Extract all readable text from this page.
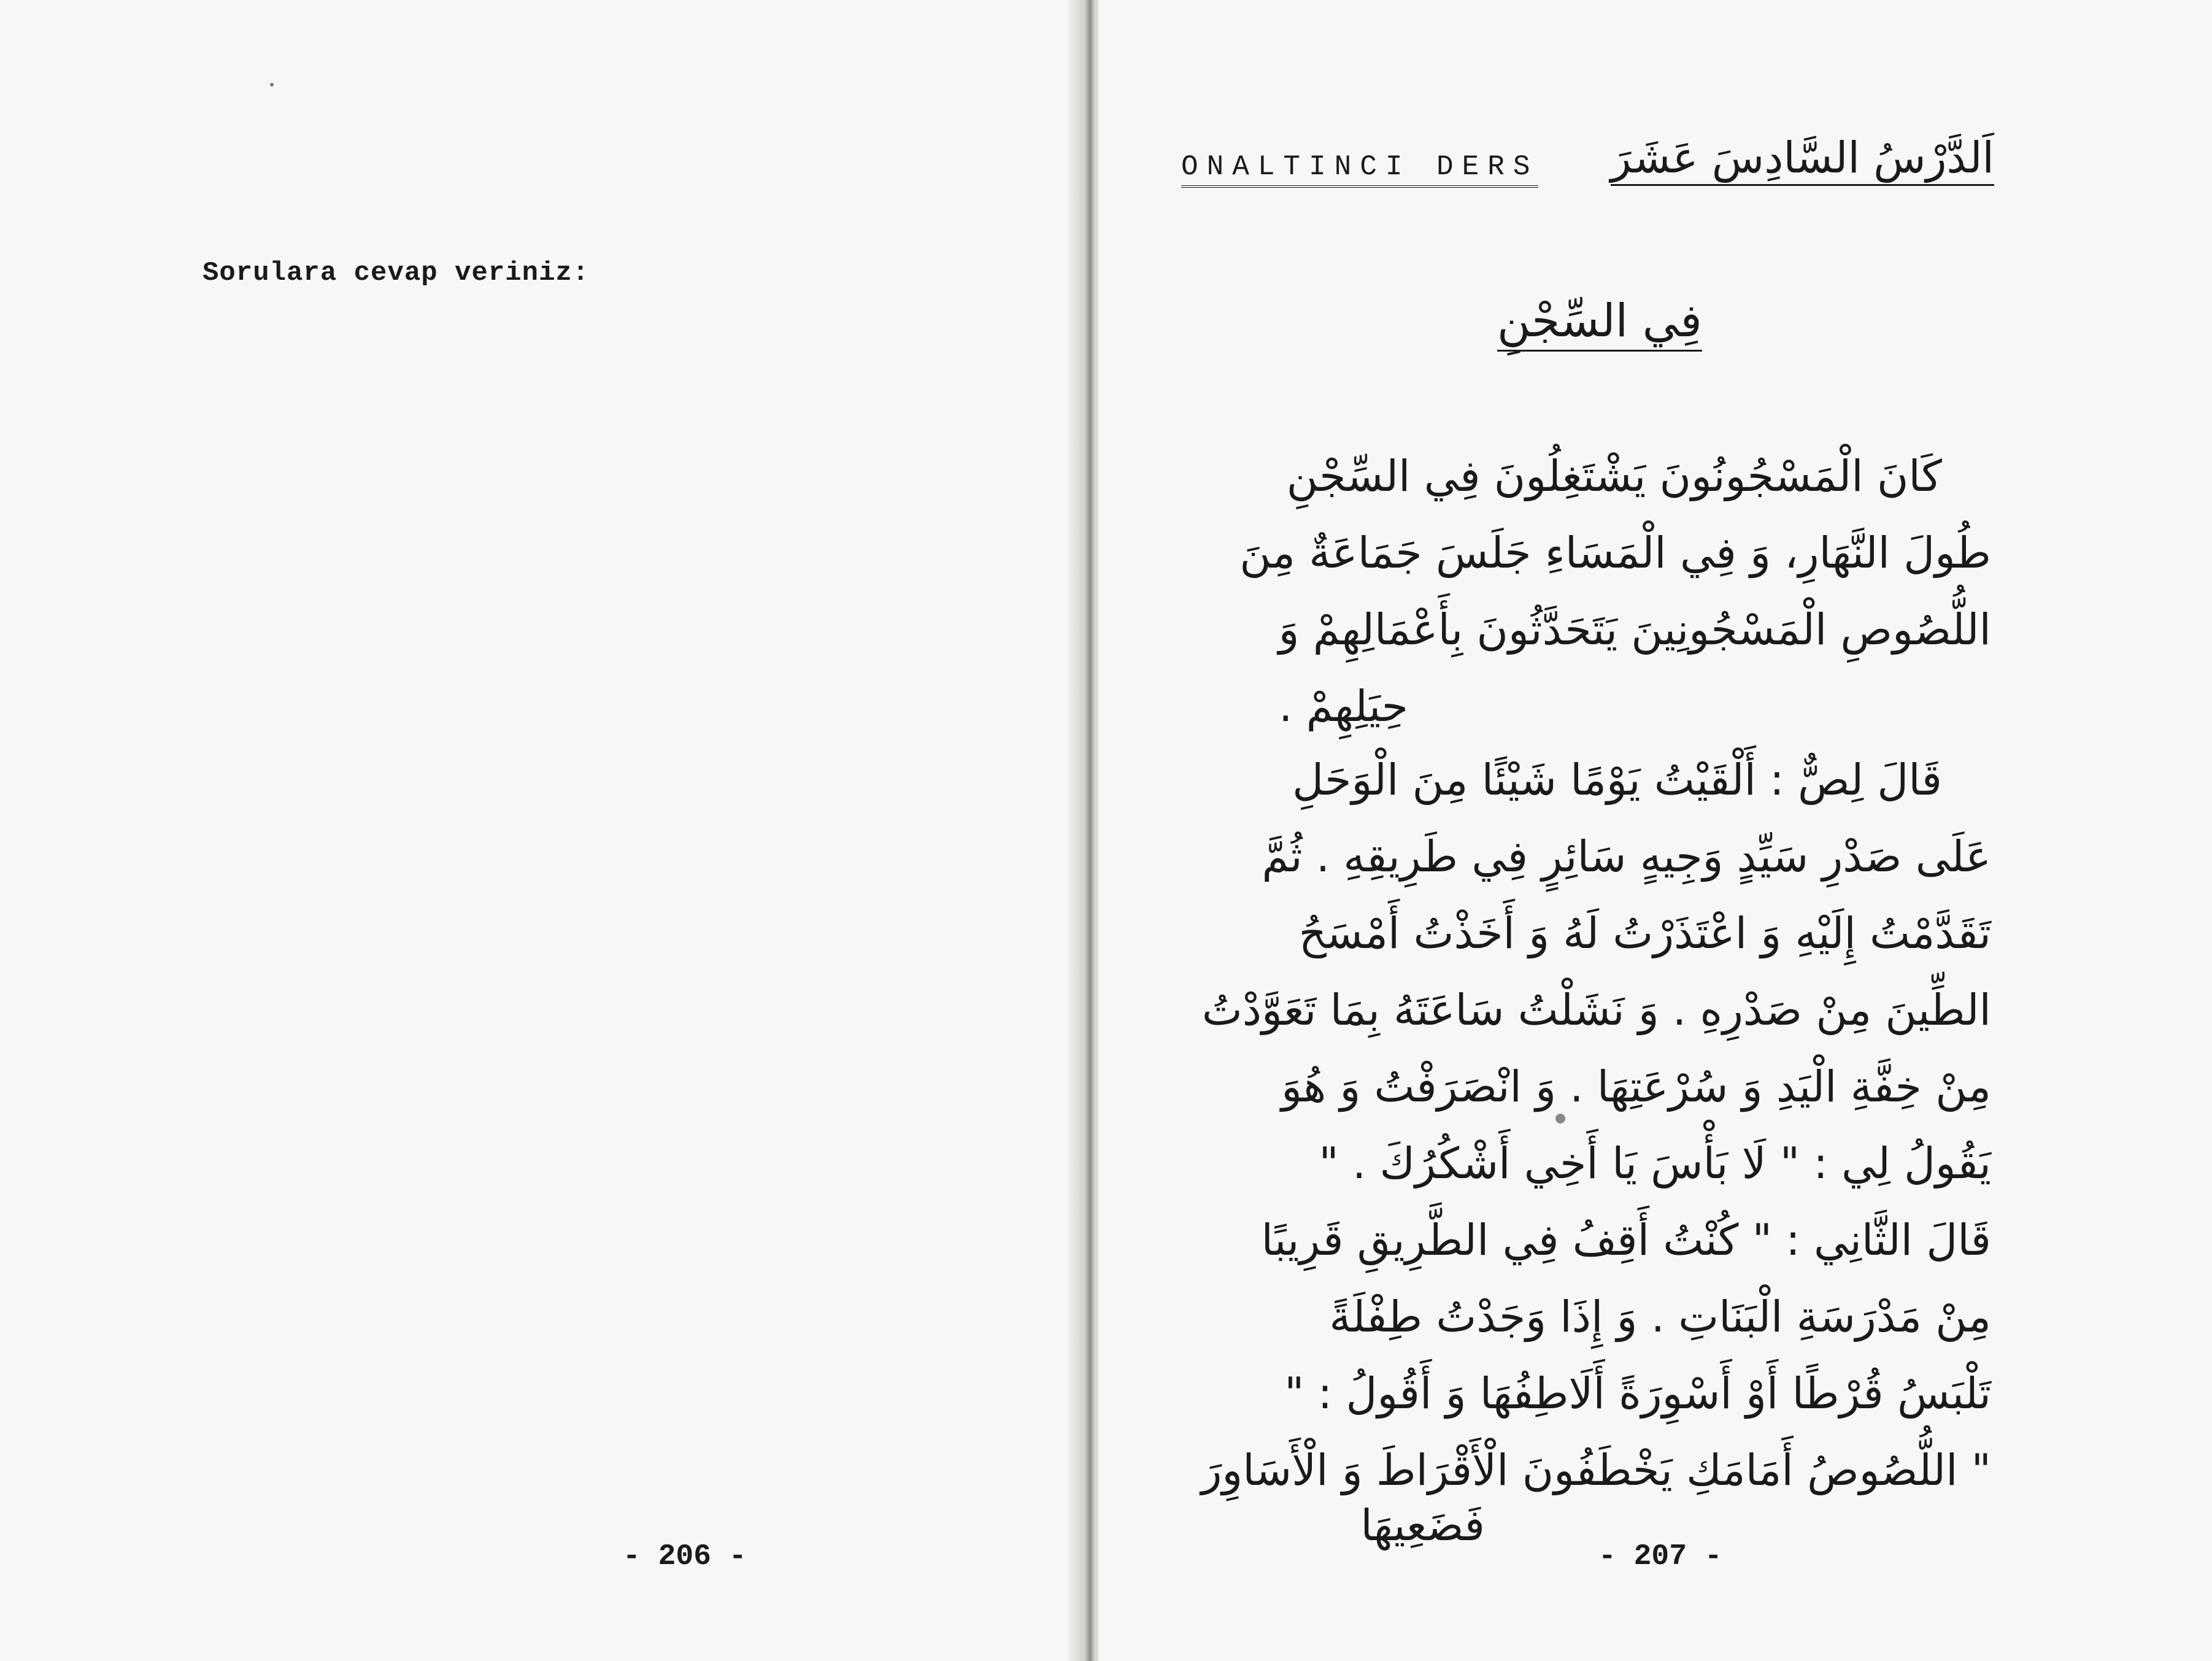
Sorulara cevap veriniz:
- 206 -
ONALTINCI DERS اَلدَّرْسُ السَّادِسَ عَشَرَ
فِي السِّجْنِ
كَانَ الْمَسْجُونُونَ يَشْتَغِلُونَ فِي السِّجْنِ
طُولَ النَّهَارِ، وَ فِي الْمَسَاءِ جَلَسَ جَمَاعَةٌ مِنَ
اللُّصُوصِ الْمَسْجُونِينَ يَتَحَدَّثُونَ بِأَعْمَالِهِمْ وَ
حِيَلِهِمْ .
قَالَ لِصٌّ : أَلْقَيْتُ يَوْمًا شَيْئًا مِنَ الْوَحَلِ
عَلَى صَدْرِ سَيِّدٍ وَجِيهٍ سَائِرٍ فِي طَرِيقِهِ . ثُمَّ
تَقَدَّمْتُ إِلَيْهِ وَ اعْتَذَرْتُ لَهُ وَ أَخَذْتُ أَمْسَحُ
الطِّينَ مِنْ صَدْرِهِ . وَ نَشَلْتُ سَاعَتَهُ بِمَا تَعَوَّدْتُ
مِنْ خِفَّةِ الْيَدِ وَ سُرْعَتِهَا . وَ انْصَرَفْتُ وَ هُوَ
يَقُولُ لِي : " لَا بَأْسَ يَا أَخِي أَشْكُرُكَ . "
قَالَ الثَّانِي : " كُنْتُ أَقِفُ فِي الطَّرِيقِ قَرِيبًا
مِنْ مَدْرَسَةِ الْبَنَاتِ . وَ إِذَا وَجَدْتُ طِفْلَةً
تَلْبَسُ قُرْطًا أَوْ أَسْوِرَةً أَلَاطِفُهَا وَ أَقُولُ : "
" اللُّصُوصُ أَمَامَكِ يَخْطَفُونَ الْأَقْرَاطَ وَ الْأَسَاوِرَ
فَضَعِيهَا
- 207 -
